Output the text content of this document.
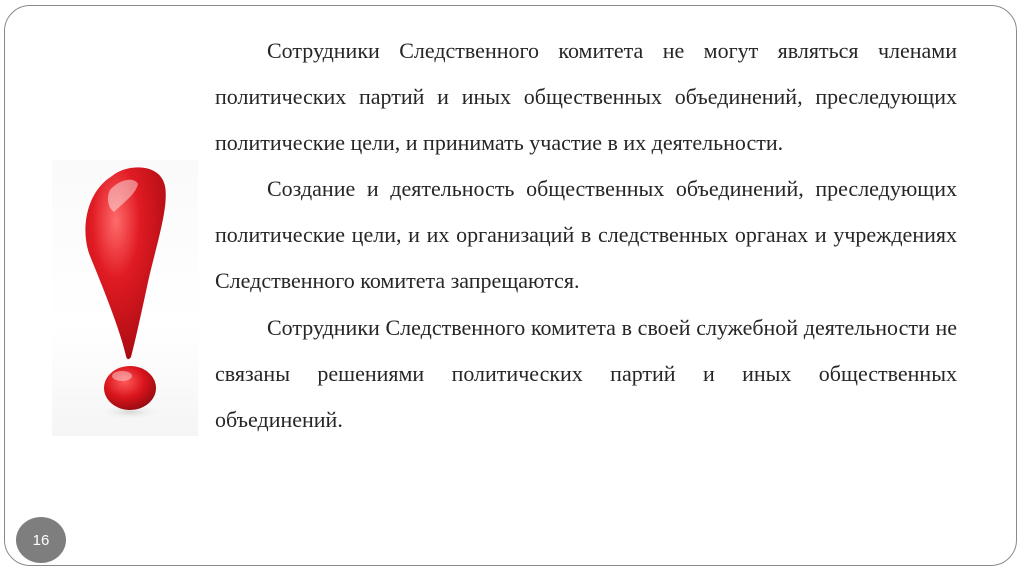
Сотрудники Следственного комитета не могут являться членами политических партий и иных общественных объединений, преследующих политические цели, и принимать участие в их деятельности.

Создание и деятельность общественных объединений, преследующих политические цели, и их организаций в следственных органах и учреждениях Следственного комитета запрещаются.

Сотрудники Следственного комитета в своей служебной деятельности не связаны решениями политических партий и иных общественных объединений.

16
